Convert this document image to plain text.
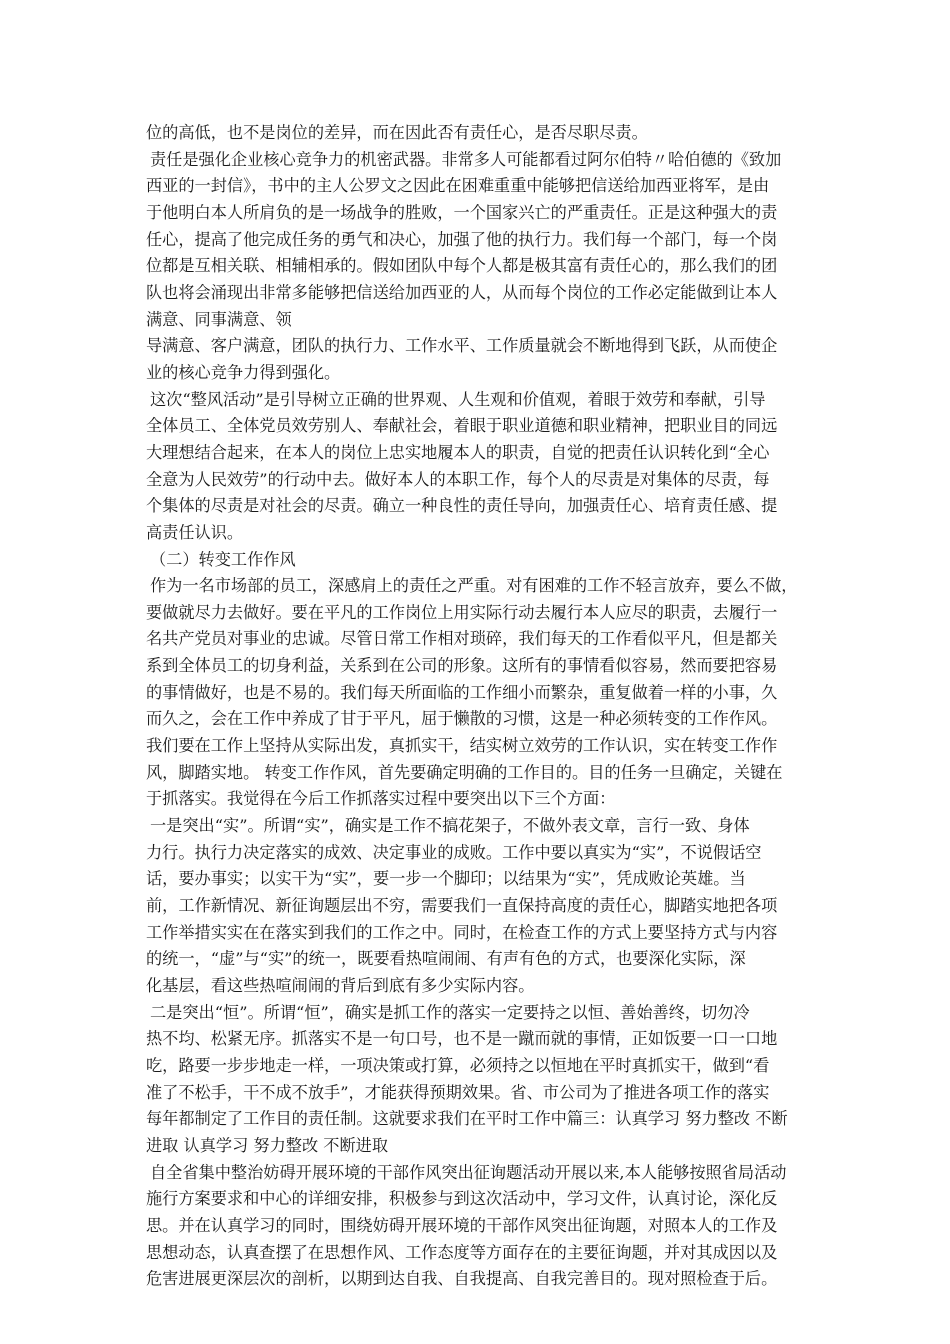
位的高低，也不是岗位的差异，而在因此否有责任心，是否尽职尽责。

责任是强化企业核心竞争力的机密武器。非常多人可能都看过阿尔伯特〃哈伯德的《致加

西亚的一封信》，书中的主人公罗文之因此在困难重重中能够把信送给加西亚将军，是由

于他明白本人所肩负的是一场战争的胜败，一个国家兴亡的严重责任。正是这种强大的责

任心，提高了他完成任务的勇气和决心，加强了他的执行力。我们每一个部门，每一个岗

位都是互相关联、相辅相承的。假如团队中每个人都是极其富有责任心的，那么我们的团

队也将会涌现出非常多能够把信送给加西亚的人，从而每个岗位的工作必定能做到让本人

满意、同事满意、领

导满意、客户满意，团队的执行力、工作水平、工作质量就会不断地得到飞跃，从而使企

业的核心竞争力得到强化。

这次“整风活动”是引导树立正确的世界观、人生观和价值观，着眼于效劳和奉献，引导

全体员工、全体党员效劳别人、奉献社会，着眼于职业道德和职业精神，把职业目的同远

大理想结合起来，在本人的岗位上忠实地履本人的职责，自觉的把责任认识转化到“全心

全意为人民效劳”的行动中去。做好本人的本职工作，每个人的尽责是对集体的尽责，每

个集体的尽责是对社会的尽责。确立一种良性的责任导向，加强责任心、培育责任感、提

高责任认识。

（二）转变工作作风

作为一名市场部的员工，深感肩上的责任之严重。对有困难的工作不轻言放弃，要么不做，

要做就尽力去做好。要在平凡的工作岗位上用实际行动去履行本人应尽的职责，去履行一

名共产党员对事业的忠诚。尽管日常工作相对琐碎，我们每天的工作看似平凡，但是都关

系到全体员工的切身利益，关系到在公司的形象。这所有的事情看似容易，然而要把容易

的事情做好，也是不易的。我们每天所面临的工作细小而繁杂，重复做着一样的小事，久

而久之，会在工作中养成了甘于平凡，屈于懒散的习惯，这是一种必须转变的工作作风。

我们要在工作上坚持从实际出发，真抓实干，结实树立效劳的工作认识，实在转变工作作

风，脚踏实地。 转变工作作风，首先要确定明确的工作目的。目的任务一旦确定，关键在

于抓落实。我觉得在今后工作抓落实过程中要突出以下三个方面：

一是突出“实”。所谓“实”，确实是工作不搞花架子，不做外表文章，言行一致、身体

力行。执行力决定落实的成效、决定事业的成败。工作中要以真实为“实”，不说假话空

话，要办事实；以实干为“实”，要一步一个脚印；以结果为“实”，凭成败论英雄。当

前，工作新情况、新征询题层出不穷，需要我们一直保持高度的责任心，脚踏实地把各项

工作举措实实在在落实到我们的工作之中。同时，在检查工作的方式上要坚持方式与内容

的统一，“虚”与“实”的统一，既要看热喧闹闹、有声有色的方式，也要深化实际，深

化基层，看这些热喧闹闹的背后到底有多少实际内容。

二是突出“恒”。所谓“恒”，确实是抓工作的落实一定要持之以恒、善始善终，切勿冷

热不均、松紧无序。抓落实不是一句口号，也不是一蹴而就的事情，正如饭要一口一口地

吃，路要一步步地走一样，一项决策或打算，必须持之以恒地在平时真抓实干，做到“看

准了不松手，干不成不放手”，才能获得预期效果。省、市公司为了推进各项工作的落实

每年都制定了工作目的责任制。这就要求我们在平时工作中篇三：认真学习 努力整改 不断

进取 认真学习 努力整改 不断进取

自全省集中整治妨碍开展环境的干部作风突出征询题活动开展以来,本人能够按照省局活动

施行方案要求和中心的详细安排，积极参与到这次活动中，学习文件，认真讨论，深化反

思。并在认真学习的同时，围绕妨碍开展环境的干部作风突出征询题，对照本人的工作及

思想动态，认真查摆了在思想作风、工作态度等方面存在的主要征询题，并对其成因以及

危害进展更深层次的剖析，以期到达自我、自我提高、自我完善目的。现对照检查于后。
